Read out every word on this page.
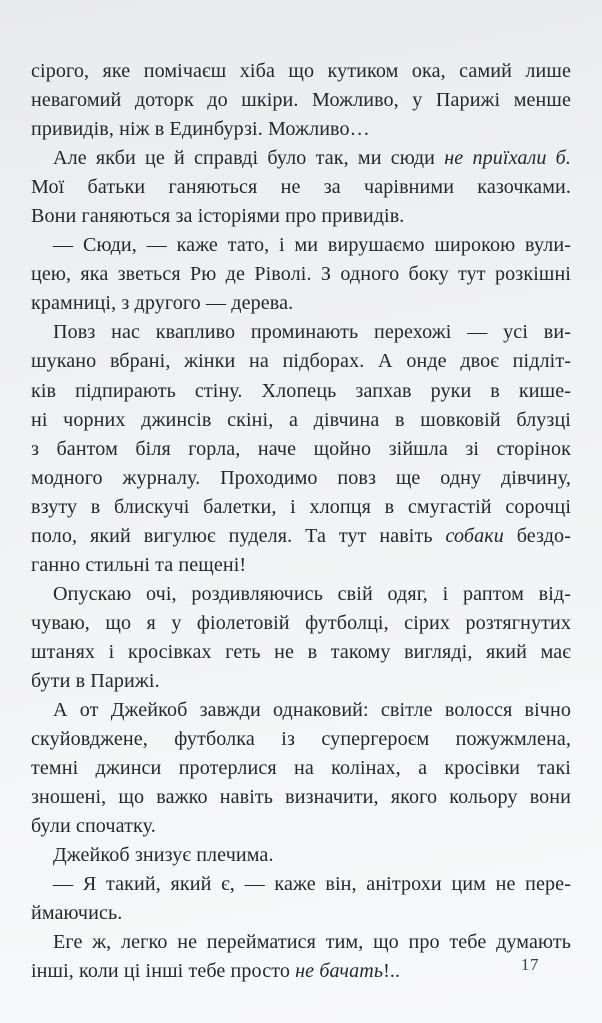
сірого, яке помічаєш хіба що кутиком ока, самий лише
невагомий доторк до шкіри. Можливо, у Парижі менше
привидів, ніж в Единбурзі. Можливо…

Але якби це й справді було так, ми сюди не приїхали б.
Мої батьки ганяються не за чарівними казочками.
Вони ганяються за історіями про привидів.

— Сюди, — каже тато, і ми вирушаємо широкою вули-
цею, яка зветься Рю де Ріволі. З одного боку тут розкішні
крамниці, з другого — дерева.

Повз нас квапливо проминають перехожі — усі ви-
шукано вбрані, жінки на підборах. А онде двоє підліт-
ків підпирають стіну. Хлопець запхав руки в кише-
ні чорних джинсів скіні, а дівчина в шовковій блузці
з бантом біля горла, наче щойно зійшла зі сторінок
модного журналу. Проходимо повз ще одну дівчину,
взуту в блискучі балетки, і хлопця в смугастій сорочці
поло, який вигулює пуделя. Та тут навіть собаки бездо-
ганно стильні та пещені!

Опускаю очі, роздивляючись свій одяг, і раптом від-
чуваю, що я у фіолетовій футболці, сірих розтягнутих
штанях і кросівках геть не в такому вигляді, який має
бути в Парижі.

А от Джейкоб завжди однаковий: світле волосся вічно
скуйовджене, футболка із супергероєм пожужмлена,
темні джинси протерлися на колінах, а кросівки такі
зношені, що важко навіть визначити, якого кольору вони
були спочатку.

Джейкоб знизує плечима.

— Я такий, який є, — каже він, анітрохи цим не пере-
ймаючись.

Еге ж, легко не перейматися тим, що про тебе думають
інші, коли ці інші тебе просто не бачать!..	17
